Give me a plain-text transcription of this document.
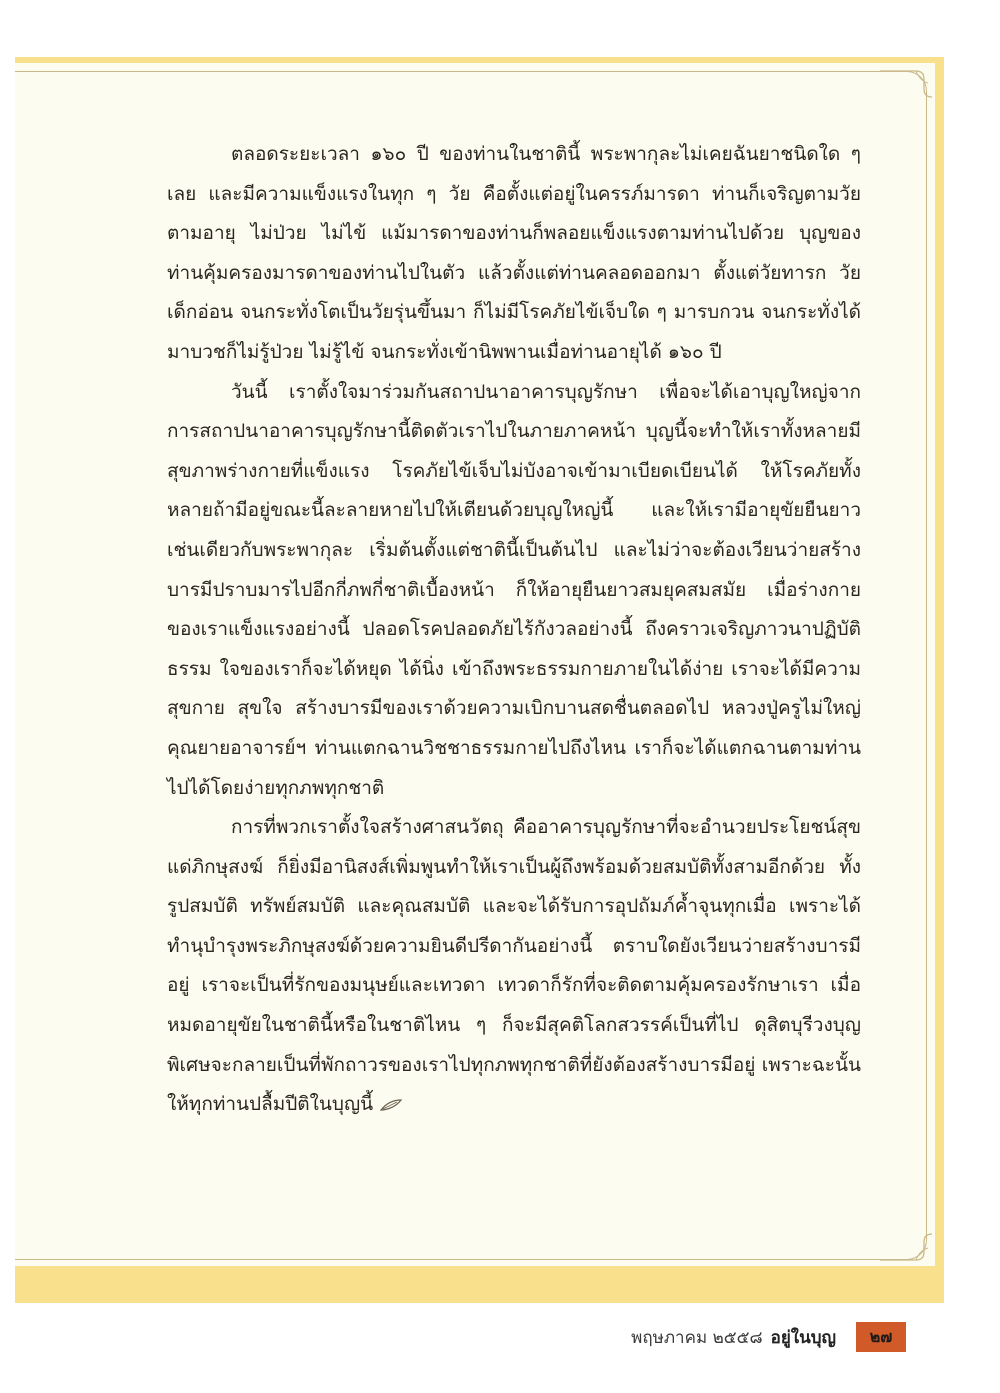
ตลอดระยะเวลา ๑๖๐ ปี ของท่านในชาตินี้ พระพากุละไม่เคยฉันยาชนิดใด ๆ เลย และมีความแข็งแรงในทุก ๆ วัย คือตั้งแต่อยู่ในครรภ์มารดา ท่านก็เจริญตามวัยตามอายุ ไม่ป่วย ไม่ไข้ แม้มารดาของท่านก็พลอยแข็งแรงตามท่านไปด้วย บุญของท่านคุ้มครองมารดาของท่านไปในตัว แล้วตั้งแต่ท่านคลอดออกมา ตั้งแต่วัยทารก วัยเด็กอ่อน จนกระทั่งโตเป็นวัยรุ่นขึ้นมา ก็ไม่มีโรคภัยไข้เจ็บใด ๆ มารบกวน จนกระทั่งได้มาบวชก็ไม่รู้ป่วย ไม่รู้ไข้ จนกระทั่งเข้านิพพานเมื่อท่านอายุได้ ๑๖๐ ปี

วันนี้ เราตั้งใจมาร่วมกันสถาปนาอาคารบุญรักษา เพื่อจะได้เอาบุญใหญ่จากการสถาปนาอาคารบุญรักษานี้ติดตัวเราไปในภายภาคหน้า บุญนี้จะทำให้เราทั้งหลายมีสุขภาพร่างกายที่แข็งแรง โรคภัยไข้เจ็บไม่บังอาจเข้ามาเบียดเบียนได้ ให้โรคภัยทั้งหลายถ้ามีอยู่ขณะนี้ละลายหายไปให้เตียนด้วยบุญใหญ่นี้ และให้เรามีอายุขัยยืนยาวเช่นเดียวกับพระพากุละ เริ่มต้นตั้งแต่ชาตินี้เป็นต้นไป และไม่ว่าจะต้องเวียนว่ายสร้างบารมีปราบมารไปอีกกี่ภพกี่ชาติเบื้องหน้า ก็ให้อายุยืนยาวสมยุคสมสมัย เมื่อร่างกายของเราแข็งแรงอย่างนี้ ปลอดโรคปลอดภัยไร้กังวลอย่างนี้ ถึงคราวเจริญภาวนาปฏิบัติธรรม ใจของเราก็จะได้หยุด ได้นิ่ง เข้าถึงพระธรรมกายภายในได้ง่าย เราจะได้มีความสุขกาย สุขใจ สร้างบารมีของเราด้วยความเบิกบานสดชื่นตลอดไป หลวงปู่ครูไม่ใหญ่ คุณยายอาจารย์ฯ ท่านแตกฉานวิชชาธรรมกายไปถึงไหน เราก็จะได้แตกฉานตามท่านไปได้โดยง่ายทุกภพทุกชาติ

การที่พวกเราตั้งใจสร้างศาสนวัตถุ คืออาคารบุญรักษาที่จะอำนวยประโยชน์สุขแด่ภิกษุสงฆ์ ก็ยิ่งมีอานิสงส์เพิ่มพูนทำให้เราเป็นผู้ถึงพร้อมด้วยสมบัติทั้งสามอีกด้วย ทั้งรูปสมบัติ ทรัพย์สมบัติ และคุณสมบัติ และจะได้รับการอุปถัมภ์ค้ำจุนทุกเมื่อ เพราะได้ทำนุบำรุงพระภิกษุสงฆ์ด้วยความยินดีปรีดากันอย่างนี้ ตราบใดยังเวียนว่ายสร้างบารมีอยู่ เราจะเป็นที่รักของมนุษย์และเทวดา เทวดาก็รักที่จะติดตามคุ้มครองรักษาเรา เมื่อหมดอายุขัยในชาตินี้หรือในชาติไหน ๆ ก็จะมีสุคติโลกสวรรค์เป็นที่ไป ดุสิตบุรีวงบุญพิเศษจะกลายเป็นที่พักถาวรของเราไปทุกภพทุกชาติที่ยังต้องสร้างบารมีอยู่ เพราะฉะนั้นให้ทุกท่านปลื้มปีติในบุญนี้

พฤษภาคม ๒๕๕๘ อยู่ในบุญ	๒๗
